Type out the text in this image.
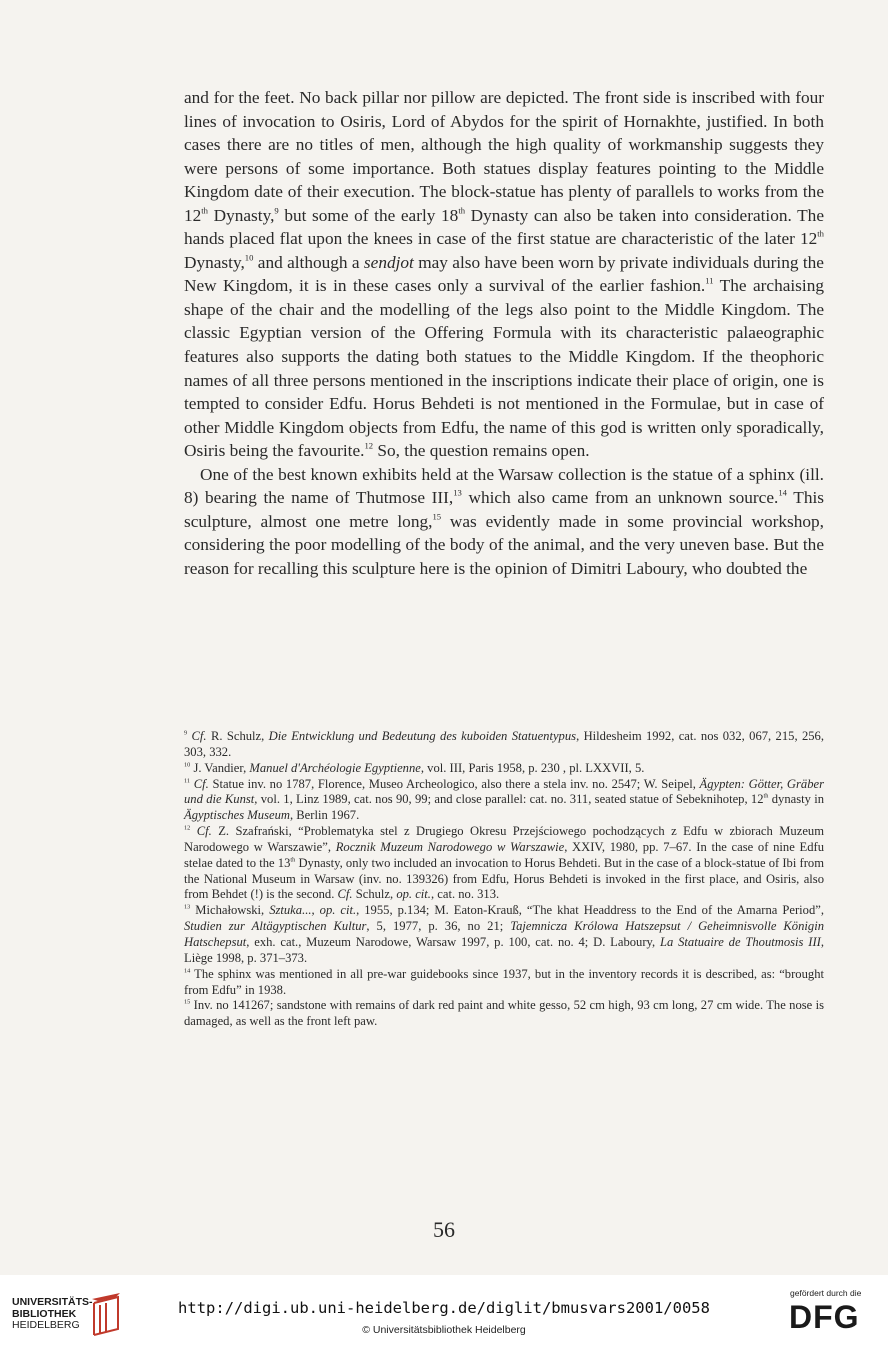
and for the feet. No back pillar nor pillow are depicted. The front side is inscribed with four lines of invocation to Osiris, Lord of Abydos for the spirit of Hornakhte, justified. In both cases there are no titles of men, although the high quality of workmanship suggests they were persons of some importance. Both statues display features pointing to the Middle Kingdom date of their execution. The block-statue has plenty of parallels to works from the 12th Dynasty,$^9$ but some of the early 18th Dynasty can also be taken into consideration. The hands placed flat upon the knees in case of the first statue are characteristic of the later 12th Dynasty,$^{10}$ and although a sendjot may also have been worn by private individuals during the New Kingdom, it is in these cases only a survival of the earlier fashion.$^{11}$ The archaising shape of the chair and the modelling of the legs also point to the Middle Kingdom. The classic Egyptian version of the Offering Formula with its characteristic palaeographic features also supports the dating both statues to the Middle Kingdom. If the theophoric names of all three persons mentioned in the inscriptions indicate their place of origin, one is tempted to consider Edfu. Horus Behdeti is not mentioned in the Formulae, but in case of other Middle Kingdom objects from Edfu, the name of this god is written only sporadically, Osiris being the favourite.$^{12}$ So, the question remains open.

One of the best known exhibits held at the Warsaw collection is the statue of a sphinx (ill. 8) bearing the name of Thutmose III,$^{13}$ which also came from an unknown source.$^{14}$ This sculpture, almost one metre long,$^{15}$ was evidently made in some provincial workshop, considering the poor modelling of the body of the animal, and the very uneven base. But the reason for recalling this sculpture here is the opinion of Dimitri Laboury, who doubted the

$^9$ Cf. R. Schulz, Die Entwicklung und Bedeutung des kuboiden Statuentypus, Hildesheim 1992, cat. nos 032, 067, 215, 256, 303, 332.

$^{10}$ J. Vandier, Manuel d'Archéologie Egyptienne, vol. III, Paris 1958, p. 230 , pl. LXXVII, 5.

$^{11}$ Cf. Statue inv. no 1787, Florence, Museo Archeologico, also there a stela inv. no. 2547; W. Seipel, Ägypten: Götter, Gräber und die Kunst, vol. 1, Linz 1989, cat. nos 90, 99; and close parallel: cat. no. 311, seated statue of Sebeknihotep, 12th dynasty in Ägyptisches Museum, Berlin 1967.

$^{12}$ Cf. Z. Szafrański, “Problematyka stel z Drugiego Okresu Przejściowego pochodzących z Edfu w zbiorach Muzeum Narodowego w Warszawie”, Rocznik Muzeum Narodowego w Warszawie, XXIV, 1980, pp. 7–67. In the case of nine Edfu stelae dated to the 13th Dynasty, only two included an invocation to Horus Behdeti. But in the case of a block-statue of Ibi from the National Museum in Warsaw (inv. no. 139326) from Edfu, Horus Behdeti is invoked in the first place, and Osiris, also from Behdet (!) is the second. Cf. Schulz, op. cit., cat. no. 313.

$^{13}$ Michałowski, Sztuka..., op. cit., 1955, p.134; M. Eaton-Krauß, “The khat Headdress to the End of the Amarna Period”, Studien zur Altägyptischen Kultur, 5, 1977, p. 36, no 21; Tajemnicza Królowa Hatszepsut / Geheimnisvolle Königin Hatschepsut, exh. cat., Muzeum Narodowe, Warsaw 1997, p. 100, cat. no. 4; D. Laboury, La Statuaire de Thoutmosis III, Liège 1998, p. 371–373.

$^{14}$ The sphinx was mentioned in all pre-war guidebooks since 1937, but in the inventory records it is described, as: “brought from Edfu” in 1938.

$^{15}$ Inv. no 141267; sandstone with remains of dark red paint and white gesso, 52 cm high, 93 cm long, 27 cm wide. The nose is damaged, as well as the front left paw.

56
UNIVERSITÄTS-
BIBLIOTHEK
HEIDELBERG
http://digi.ub.uni-heidelberg.de/diglit/bmusvars2001/0058
© Universitätsbibliothek Heidelberg
gefördert durch die
DFG
